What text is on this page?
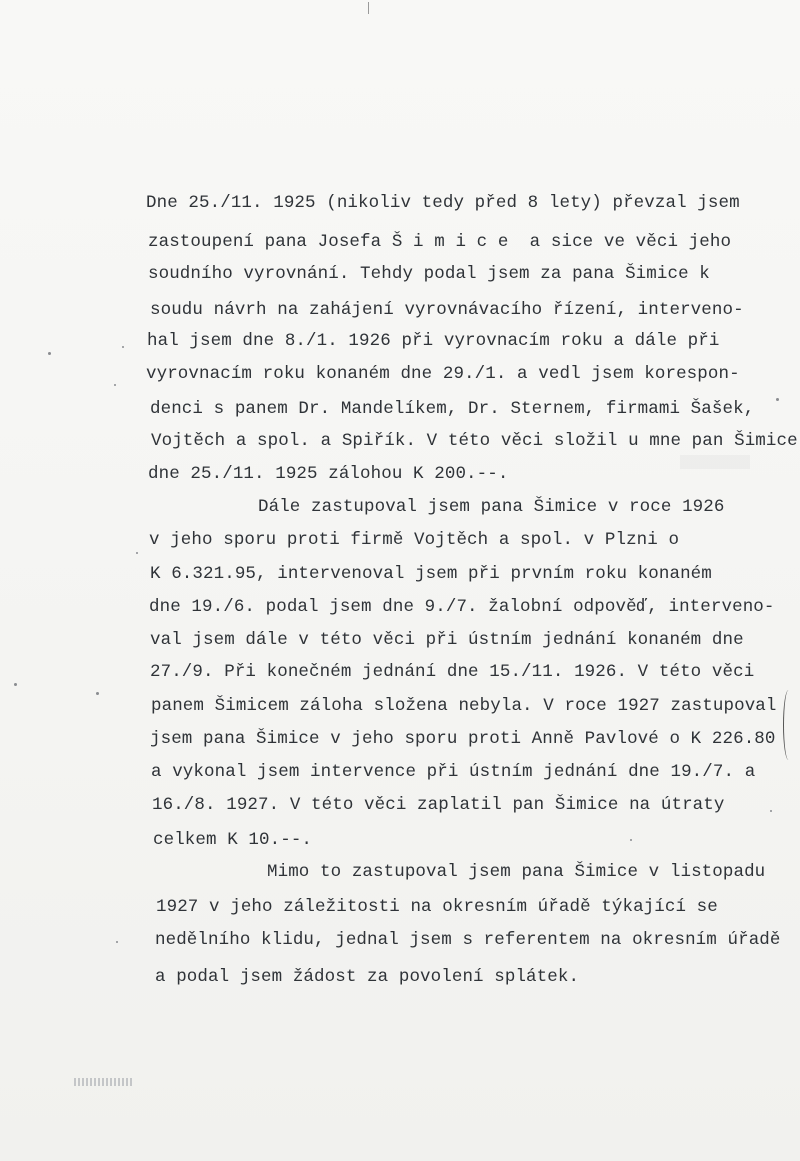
Dne 25./11. 1925 (nikoliv tedy před 8 lety) převzal jsem

zastoupení pana Josefa Š i m i c e  a sice ve věci jeho

soudního vyrovnání. Tehdy podal jsem za pana Šimice k

soudu návrh na zahájení vyrovnávacího řízení, interveno-

hal jsem dne 8./1. 1926 při vyrovnacím roku a dále při

vyrovnacím roku konaném dne 29./1. a vedl jsem korespon-

denci s panem Dr. Mandelíkem, Dr. Sternem, firmami Šašek,

Vojtěch a spol. a Spiřík. V této věci složil u mne pan Šimice

dne 25./11. 1925 zálohou K 200.--.

Dále zastupoval jsem pana Šimice v roce 1926

v jeho sporu proti firmě Vojtěch a spol. v Plzni o

K 6.321.95, intervenoval jsem při prvním roku konaném

dne 19./6. podal jsem dne 9./7. žalobní odpověď, interveno-

val jsem dále v této věci při ústním jednání konaném dne

27./9. Při konečném jednání dne 15./11. 1926. V této věci

panem Šimicem záloha složena nebyla. V roce 1927 zastupoval

jsem pana Šimice v jeho sporu proti Anně Pavlové o K 226.80

a vykonal jsem intervence při ústním jednání dne 19./7. a

16./8. 1927. V této věci zaplatil pan Šimice na útraty

celkem K 10.--.

Mimo to zastupoval jsem pana Šimice v listopadu

1927 v jeho záležitosti na okresním úřadě týkající se

nedělního klidu, jednal jsem s referentem na okresním úřadě

a podal jsem žádost za povolení splátek.
